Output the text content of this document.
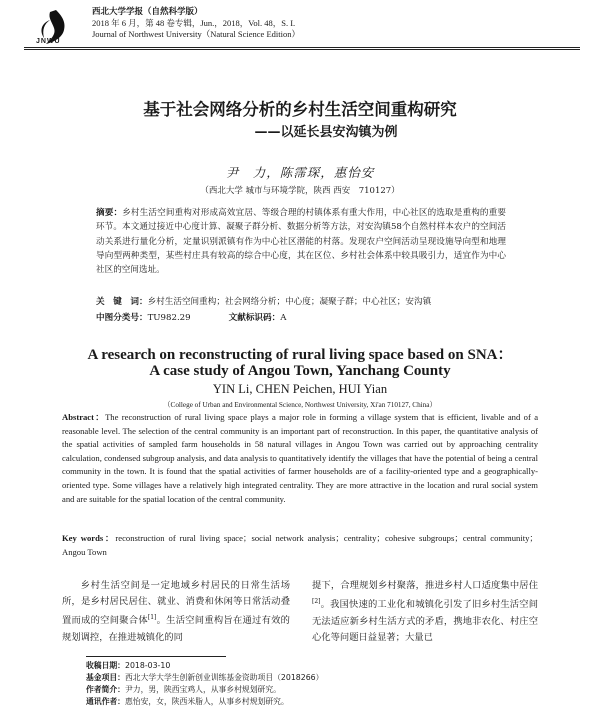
JNWU
西北大学学报（自然科学版）
2018 年 6 月，第 48 卷专辑，Jun.，2018，Vol. 48，S. I.
Journal of Northwest University（Natural Science Edition）
基于社会网络分析的乡村生活空间重构研究
——以延长县安沟镇为例
尹　力，陈霈琛，惠怡安
（西北大学 城市与环境学院，陕西 西安　710127）
摘要：乡村生活空间重构对形成高效宜居、等级合理的村镇体系有重大作用，中心社区的选取是重构的重要环节。本文通过接近中心度计算、凝聚子群分析、数据分析等方法，对安沟镇58个自然村样本农户的空间活动关系进行量化分析，定量识别派镇有作为中心社区潜能的村落。发现农户空间活动呈现设施导向型和地理导向型两种类型，某些村庄具有较高的综合中心度，其在区位、乡村社会体系中较具吸引力，适宜作为中心社区的空间选址。
关　键　词：乡村生活空间重构；社会网络分析；中心度；凝聚子群；中心社区；安沟镇
中图分类号：TU982.29	文献标识码：A
A research on reconstructing of rural living space based on SNA：
A case study of Angou Town, Yanchang County
YIN Li, CHEN Peichen, HUI Yian
（College of Urban and Environmental Science, Northwest University, Xi'an 710127, China）
Abstract：The reconstruction of rural living space plays a major role in forming a village system that is efficient, livable and of a reasonable level. The selection of the central community is an important part of reconstruction. In this paper, the quantitative analysis of the spatial activities of sampled farm households in 58 natural villages in Angou Town was carried out by approaching centrality calculation, condensed subgroup analysis, and data analysis to quantitatively identify the villages that have the potential of being a central community in the town. It is found that the spatial activities of farmer households are of a facility-oriented type and a geographically-oriented type. Some villages have a relatively high integrated centrality. They are more attractive in the location and rural social system and are suitable for the spatial location of the central community.
Key words：reconstruction of rural living space；social network analysis；centrality；cohesive subgroups；central community；Angou Town
乡村生活空间是一定地域乡村居民的日常生活场所，是乡村居民居住、就业、消费和休闲等日常活动叠置而成的空间聚合体[1]。生活空间重构旨在通过有效的规划调控，在推进城镇化的同
提下，合理规划乡村聚落，推进乡村人口适度集中居住[2]。我国快速的工业化和城镇化引发了旧乡村生活空间无法适应新乡村生活方式的矛盾，携地非农化、村庄空心化等问题日益显著；大量已
收稿日期：2018-03-10
基金项目：西北大学大学生创新创业训练基金资助项目（2018266）
作者简介：尹力，男，陕西宝鸡人，从事乡村规划研究。
通讯作者：惠怡安，女，陕西米脂人，从事乡村规划研究。
